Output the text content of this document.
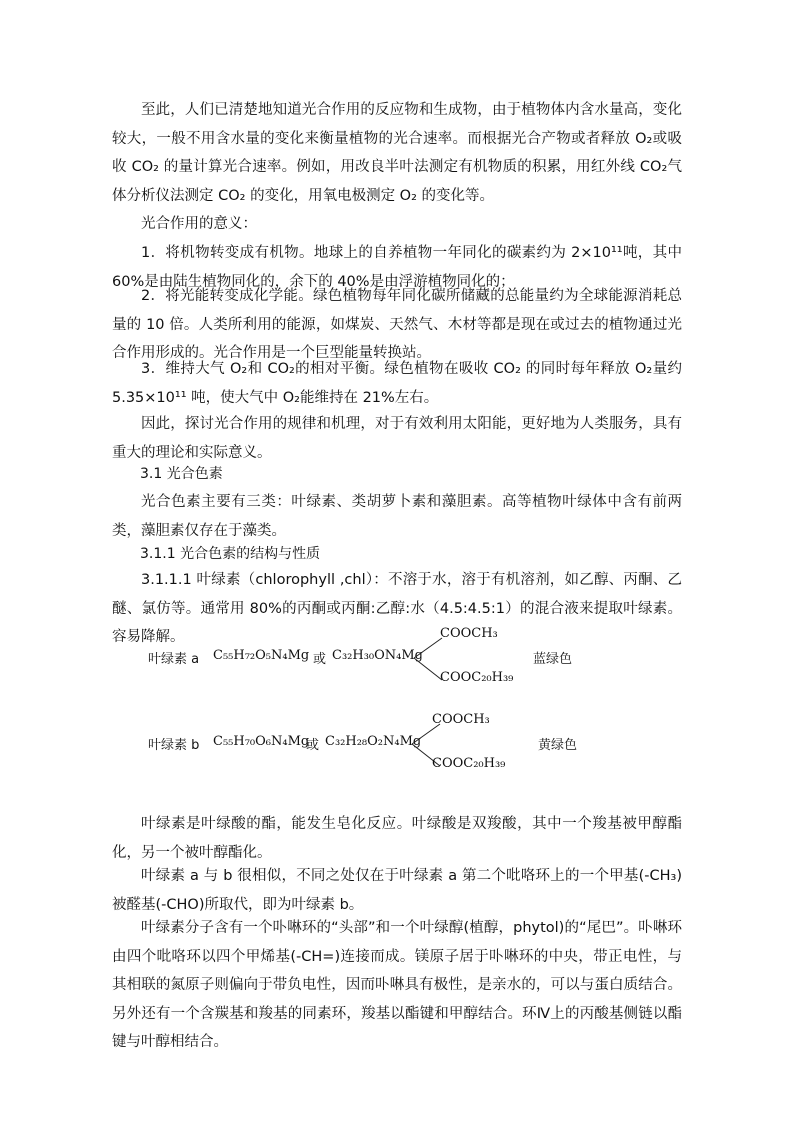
至此，人们已清楚地知道光合作用的反应物和生成物，由于植物体内含水量高，变化较大，一般不用含水量的变化来衡量植物的光合速率。而根据光合产物或者释放 O₂或吸收 CO₂ 的量计算光合速率。例如，用改良半叶法测定有机物质的积累，用红外线 CO₂气体分析仪法测定 CO₂ 的变化，用氧电极测定 O₂ 的变化等。

光合作用的意义：

1．将机物转变成有机物。地球上的自养植物一年同化的碳素约为 2×10¹¹吨，其中 60%是由陆生植物同化的，余下的 40%是由浮游植物同化的；

2．将光能转变成化学能。绿色植物每年同化碳所储藏的总能量约为全球能源消耗总量的 10 倍。人类所利用的能源，如煤炭、天然气、木材等都是现在或过去的植物通过光合作用形成的。光合作用是一个巨型能量转换站。

3．维持大气 O₂和 CO₂的相对平衡。绿色植物在吸收 CO₂ 的同时每年释放 O₂量约 5.35×10¹¹ 吨，使大气中 O₂能维持在 21%左右。

因此，探讨光合作用的规律和机理，对于有效利用太阳能，更好地为人类服务，具有重大的理论和实际意义。

3.1 光合色素

光合色素主要有三类：叶绿素、类胡萝卜素和藻胆素。高等植物叶绿体中含有前两类，藻胆素仅存在于藻类。

3.1.1 光合色素的结构与性质

3.1.1.1 叶绿素（chlorophyll ,chl）：不溶于水，溶于有机溶剂，如乙醇、丙酮、乙醚、氯仿等。通常用 80%的丙酮或丙酮:乙醇:水（4.5:4.5:1）的混合液来提取叶绿素。容易降解。

叶绿素 a C₅₅H₇₂O₅N₄Mg 或 C₃₂H₃₀ON₄Mg
COOCH₃
COOC₂₀H₃₉
蓝绿色
叶绿素 b C₅₅H₇₀O₆N₄Mg
或 C₃₂H₂₈O₂N₄Mg
COOCH₃
COOC₂₀H₃₉
黄绿色

叶绿素是叶绿酸的酯，能发生皂化反应。叶绿酸是双羧酸，其中一个羧基被甲醇酯化，另一个被叶醇酯化。

叶绿素 a 与 b 很相似，不同之处仅在于叶绿素 a 第二个吡咯环上的一个甲基(-CH₃)被醛基(-CHO)所取代，即为叶绿素 b。

叶绿素分子含有一个卟啉环的“头部”和一个叶绿醇(植醇，phytol)的“尾巴”。卟啉环由四个吡咯环以四个甲烯基(-CH=)连接而成。镁原子居于卟啉环的中央，带正电性，与其相联的氮原子则偏向于带负电性，因而卟啉具有极性，是亲水的，可以与蛋白质结合。另外还有一个含羰基和羧基的同素环，羧基以酯键和甲醇结合。环Ⅳ上的丙酸基侧链以酯键与叶醇相结合。
